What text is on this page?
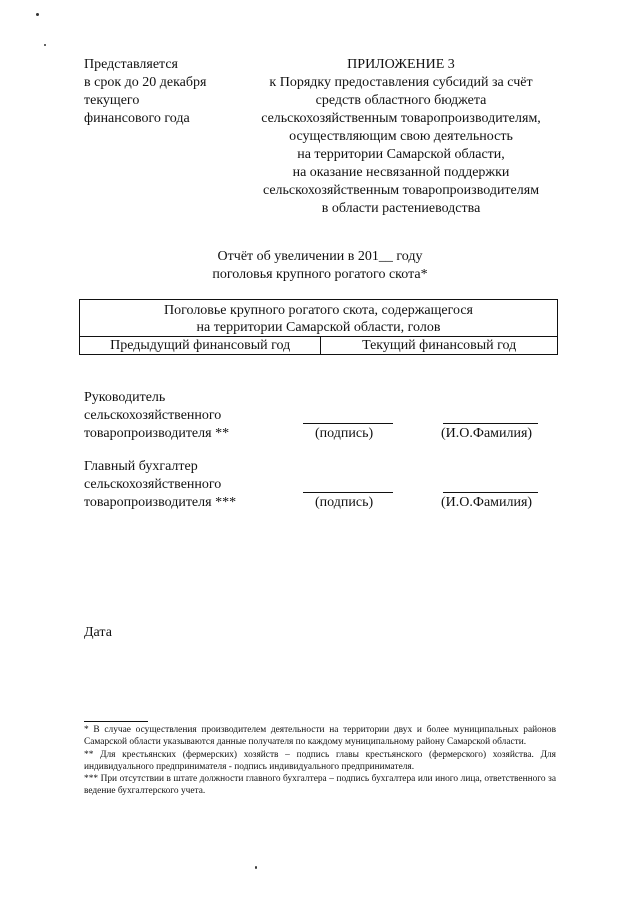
Представляется
в срок до 20 декабря
текущего
финансового года
ПРИЛОЖЕНИЕ 3
к Порядку предоставления субсидий за счёт
средств областного бюджета
сельскохозяйственным товаропроизводителям,
осуществляющим свою деятельность
на территории Самарской области,
на оказание несвязанной поддержки
сельскохозяйственным товаропроизводителям
в области растениеводства
Отчёт об увеличении в 201__ году
поголовья крупного рогатого скота*
Поголовье крупного рогатого скота, содержащегося
на территории Самарской области, голов

Предыдущий финансовый год	Текущий финансовый год
Руководитель
сельскохозяйственного
товаропроизводителя **	(подпись)	(И.О.Фамилия)
Главный бухгалтер
сельскохозяйственного
товаропроизводителя ***	(подпись)	(И.О.Фамилия)
Дата

* В случае осуществления производителем деятельности на территории двух и более муниципальных районов Самарской области указываются данные получателя по каждому муниципальному району Самарской области.

** Для крестьянских (фермерских) хозяйств – подпись главы крестьянского (фермерского) хозяйства. Для индивидуального предпринимателя - подпись индивидуального предпринимателя.

*** При отсутствии в штате должности главного бухгалтера – подпись бухгалтера или иного лица, ответственного за ведение бухгалтерского учета.
